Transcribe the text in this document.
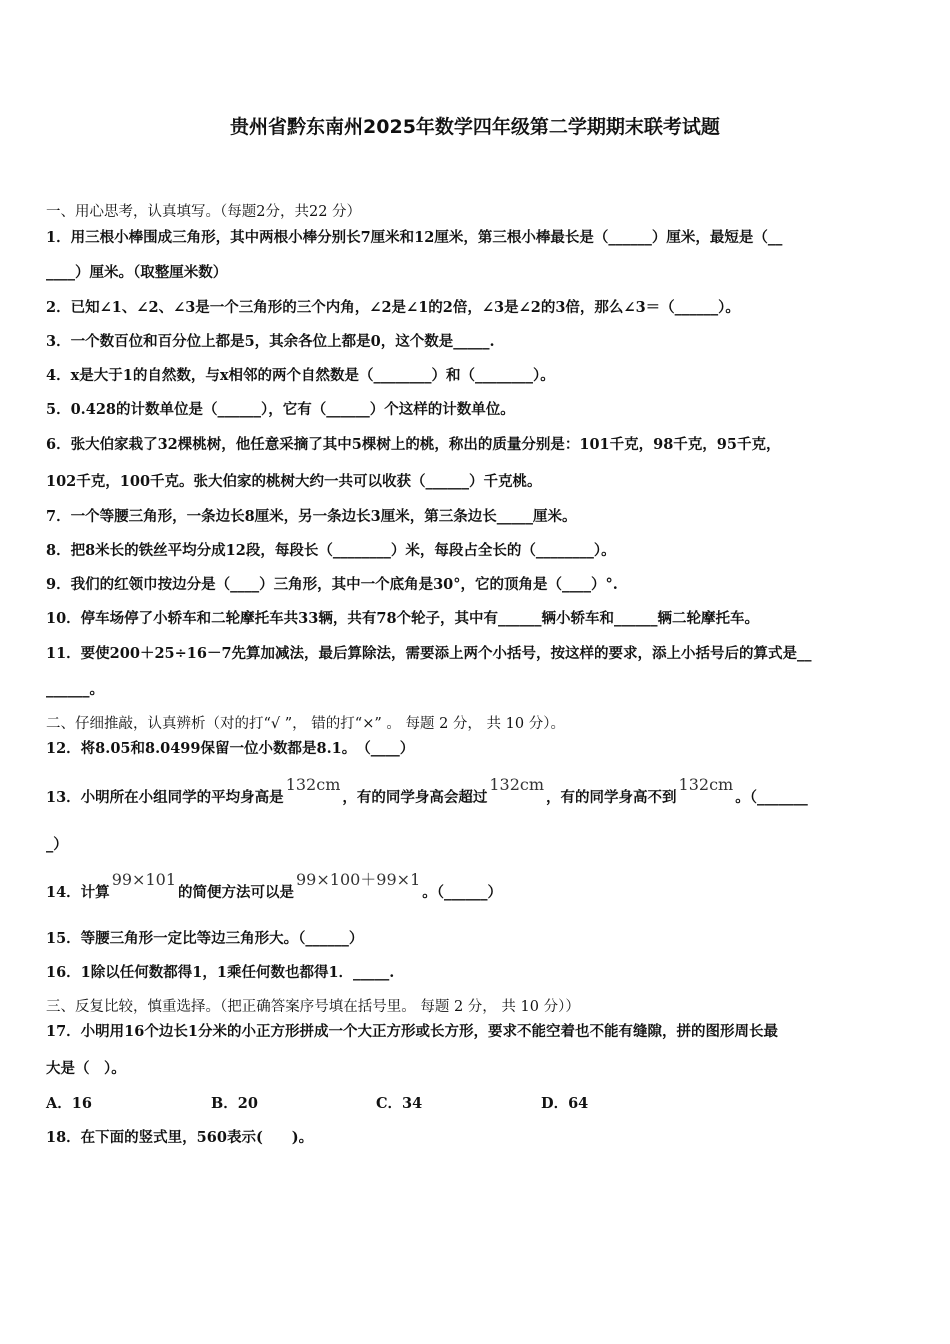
贵州省黔东南州2025年数学四年级第二学期期末联考试题
一、用心思考，认真填写。（每题2分，共22 分）
1．用三根小棒围成三角形，其中两根小棒分别长7厘米和12厘米，第三根小棒最长是（______）厘米，最短是（__
____）厘米。（取整厘米数）
2．已知∠1、∠2、∠3是一个三角形的三个内角，∠2是∠1的2倍，∠3是∠2的3倍，那么∠3＝（______）。
3．一个数百位和百分位上都是5，其余各位上都是0，这个数是_____.
4．x是大于1的自然数，与x相邻的两个自然数是（________）和（________）。
5．0.428的计数单位是（______），它有（______）个这样的计数单位。
6．张大伯家栽了32棵桃树，他任意采摘了其中5棵树上的桃，称出的质量分别是：101千克，98千克，95千克，
102千克，100千克。张大伯家的桃树大约一共可以收获（______）千克桃。
7．一个等腰三角形，一条边长8厘米，另一条边长3厘米，第三条边长_____厘米。
8．把8米长的铁丝平均分成12段，每段长（________）米，每段占全长的（________）。
9．我们的红领巾按边分是（____）三角形，其中一个底角是30°，它的顶角是（____）°.
10．停车场停了小轿车和二轮摩托车共33辆，共有78个轮子，其中有______辆小轿车和______辆二轮摩托车。
11．要使200＋25÷16－7先算加减法，最后算除法，需要添上两个小括号，按这样的要求，添上小括号后的算式是__
______。
二、仔细推敲，认真辨析（对的打“√ ”， 错的打“×” 。 每题 2 分， 共 10 分）。
12．将8.05和8.0499保留一位小数都是8.1。　（____）
13．小明所在小组同学的平均身高是132cm，有的同学身高会超过132cm，有的同学身高不到132cm。（_______
_）
14．计算99×101的简便方法可以是99×100＋99×1。（______）
15．等腰三角形一定比等边三角形大。（______）
16．1除以任何数都得1，1乘任何数也都得1．_____.
三、反复比较，慎重选择。（把正确答案序号填在括号里。 每题 2 分， 共 10 分））
17．小明用16个边长1分米的小正方形拼成一个大正方形或长方形，要求不能空着也不能有缝隙，拼的图形周长最
大是（　）。
A．16	B．20	C．34	D．64
18．在下面的竖式里，560表示(　　)。
